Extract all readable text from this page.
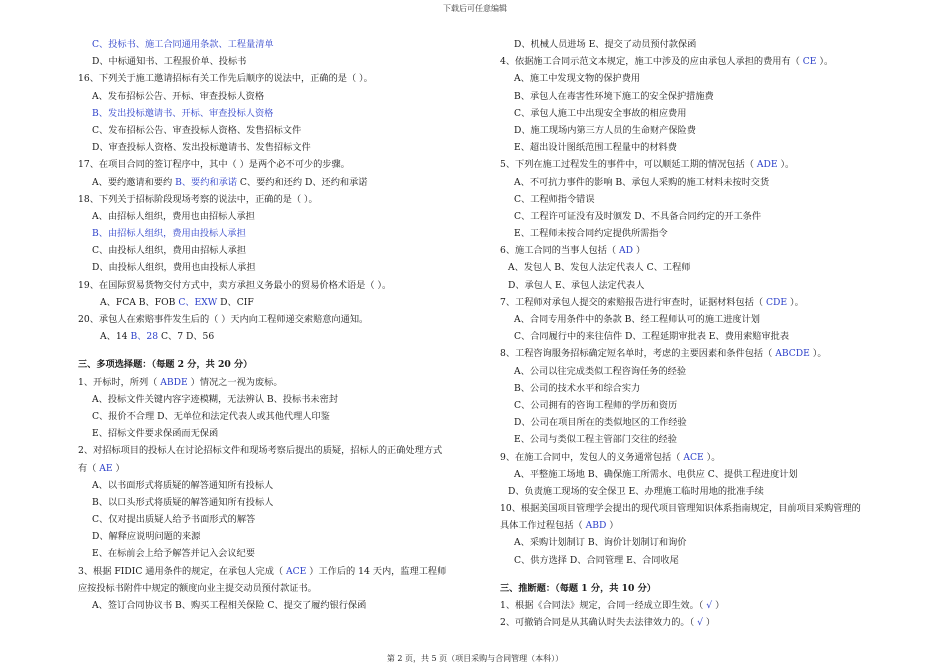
下载后可任意编辑
C、投标书、施工合同通用条款、工程量清单
D、中标通知书、工程报价单、投标书
16、下列关于施工邀请招标有关工作先后顺序的说法中，正确的是（ ）。
A、发布招标公告、开标、审查投标人资格
B、发出投标邀请书、开标、审查投标人资格
C、发布招标公告、审查投标人资格、发售招标文件
D、审查投标人资格、发出投标邀请书、发售招标文件
17、在项目合同的签订程序中，其中（ ）是两个必不可少的步骤。
A、要约邀请和要约 B、要约和承诺 C、要约和还约 D、还约和承诺
18、下列关于招标阶段现场考察的说法中，正确的是（ ）。
A、由招标人组织，费用也由招标人承担
B、由招标人组织，费用由投标人承担
C、由投标人组织，费用由招标人承担
D、由投标人组织，费用也由投标人承担
19、在国际贸易货物交付方式中，卖方承担义务最小的贸易价格术语是（ ）。
A、FCA B、FOB C、EXW D、CIF
20、承包人在索赔事件发生后的（ ）天内向工程师递交索赔意向通知。
A、14 B、28 C、7 D、56
三、多项选择题：（每题 2 分，共 20 分）
1、开标时，所列（ ABDE ）情况之一视为废标。
A、投标文件关键内容字迹模糊，无法辨认 B、投标书未密封
C、报价不合理 D、无单位和法定代表人或其他代理人印鉴
E、招标文件要求保函而无保函
2、对招标项目的投标人在讨论招标文件和现场考察后提出的质疑，招标人的正确处理方式
有（ AE ）
A、以书面形式将质疑的解答通知所有投标人
B、以口头形式将质疑的解答通知所有投标人
C、仅对提出质疑人给予书面形式的解答
D、解释应说明问题的来源
E、在标前会上给予解答并记入会议纪要
3、根据 FIDIC 通用条件的规定，在承包人完成（ ACE ）工作后的 14 天内，监理工程师
应按投标书附件中规定的额度向业主提交动员预付款证书。
A、签订合同协议书 B、购买工程相关保险 C、提交了履约银行保函
D、机械人员进场 E、提交了动员预付款保函
4、依据施工合同示范文本规定，施工中涉及的应由承包人承担的费用有（ CE ）。
A、施工中发现文物的保护费用
B、承包人在毒害性环境下施工的安全保护措施费
C、承包人施工中出现安全事故的相应费用
D、施工现场内第三方人员的生命财产保险费
E、超出设计图纸范围工程量中的材料费
5、下列在施工过程发生的事件中，可以顺延工期的情况包括（ ADE ）。
A、不可抗力事件的影响 B、承包人采购的施工材料未按时交货
C、工程师指令错误
C、工程许可证没有及时颁发 D、不具备合同约定的开工条件
E、工程师未按合同约定提供所需指令
6、施工合同的当事人包括（ AD ）
A、发包人 B、发包人法定代表人 C、工程师
D、承包人 E、承包人法定代表人
7、工程师对承包人提交的索赔报告进行审查时，证据材料包括（ CDE ）。
A、合同专用条件中的条款 B、经工程师认可的施工进度计划
C、合同履行中的来往信件 D、工程延期审批表 E、费用索赔审批表
8、工程咨询服务招标确定短名单时，考虑的主要因素和条件包括（ ABCDE ）。
A、公司以往完成类似工程咨询任务的经验
B、公司的技术水平和综合实力
C、公司拥有的咨询工程师的学历和资历
D、公司在项目所在的类似地区的工作经验
E、公司与类似工程主管部门交往的经验
9、在施工合同中，发包人的义务通常包括（ ACE ）。
A、平整施工场地 B、确保施工所需水、电供应 C、提供工程进度计划
D、负责施工现场的安全保卫 E、办理施工临时用地的批准手续
10、根据美国项目管理学会提出的现代项目管理知识体系指南规定，目前项目采购管理的
具体工作过程包括（ ABD ）
A、采购计划制订 B、询价计划制订和询价
C、供方选择 D、合同管理 E、合同收尾
三、推断题：（每题 1 分，共 10 分）
1、根据《合同法》规定，合同一经成立即生效。（ √ ）
2、可撤销合同是从其确认时失去法律效力的。（ √ ）
第 2 页，共 5 页（项目采购与合同管理（本科））
